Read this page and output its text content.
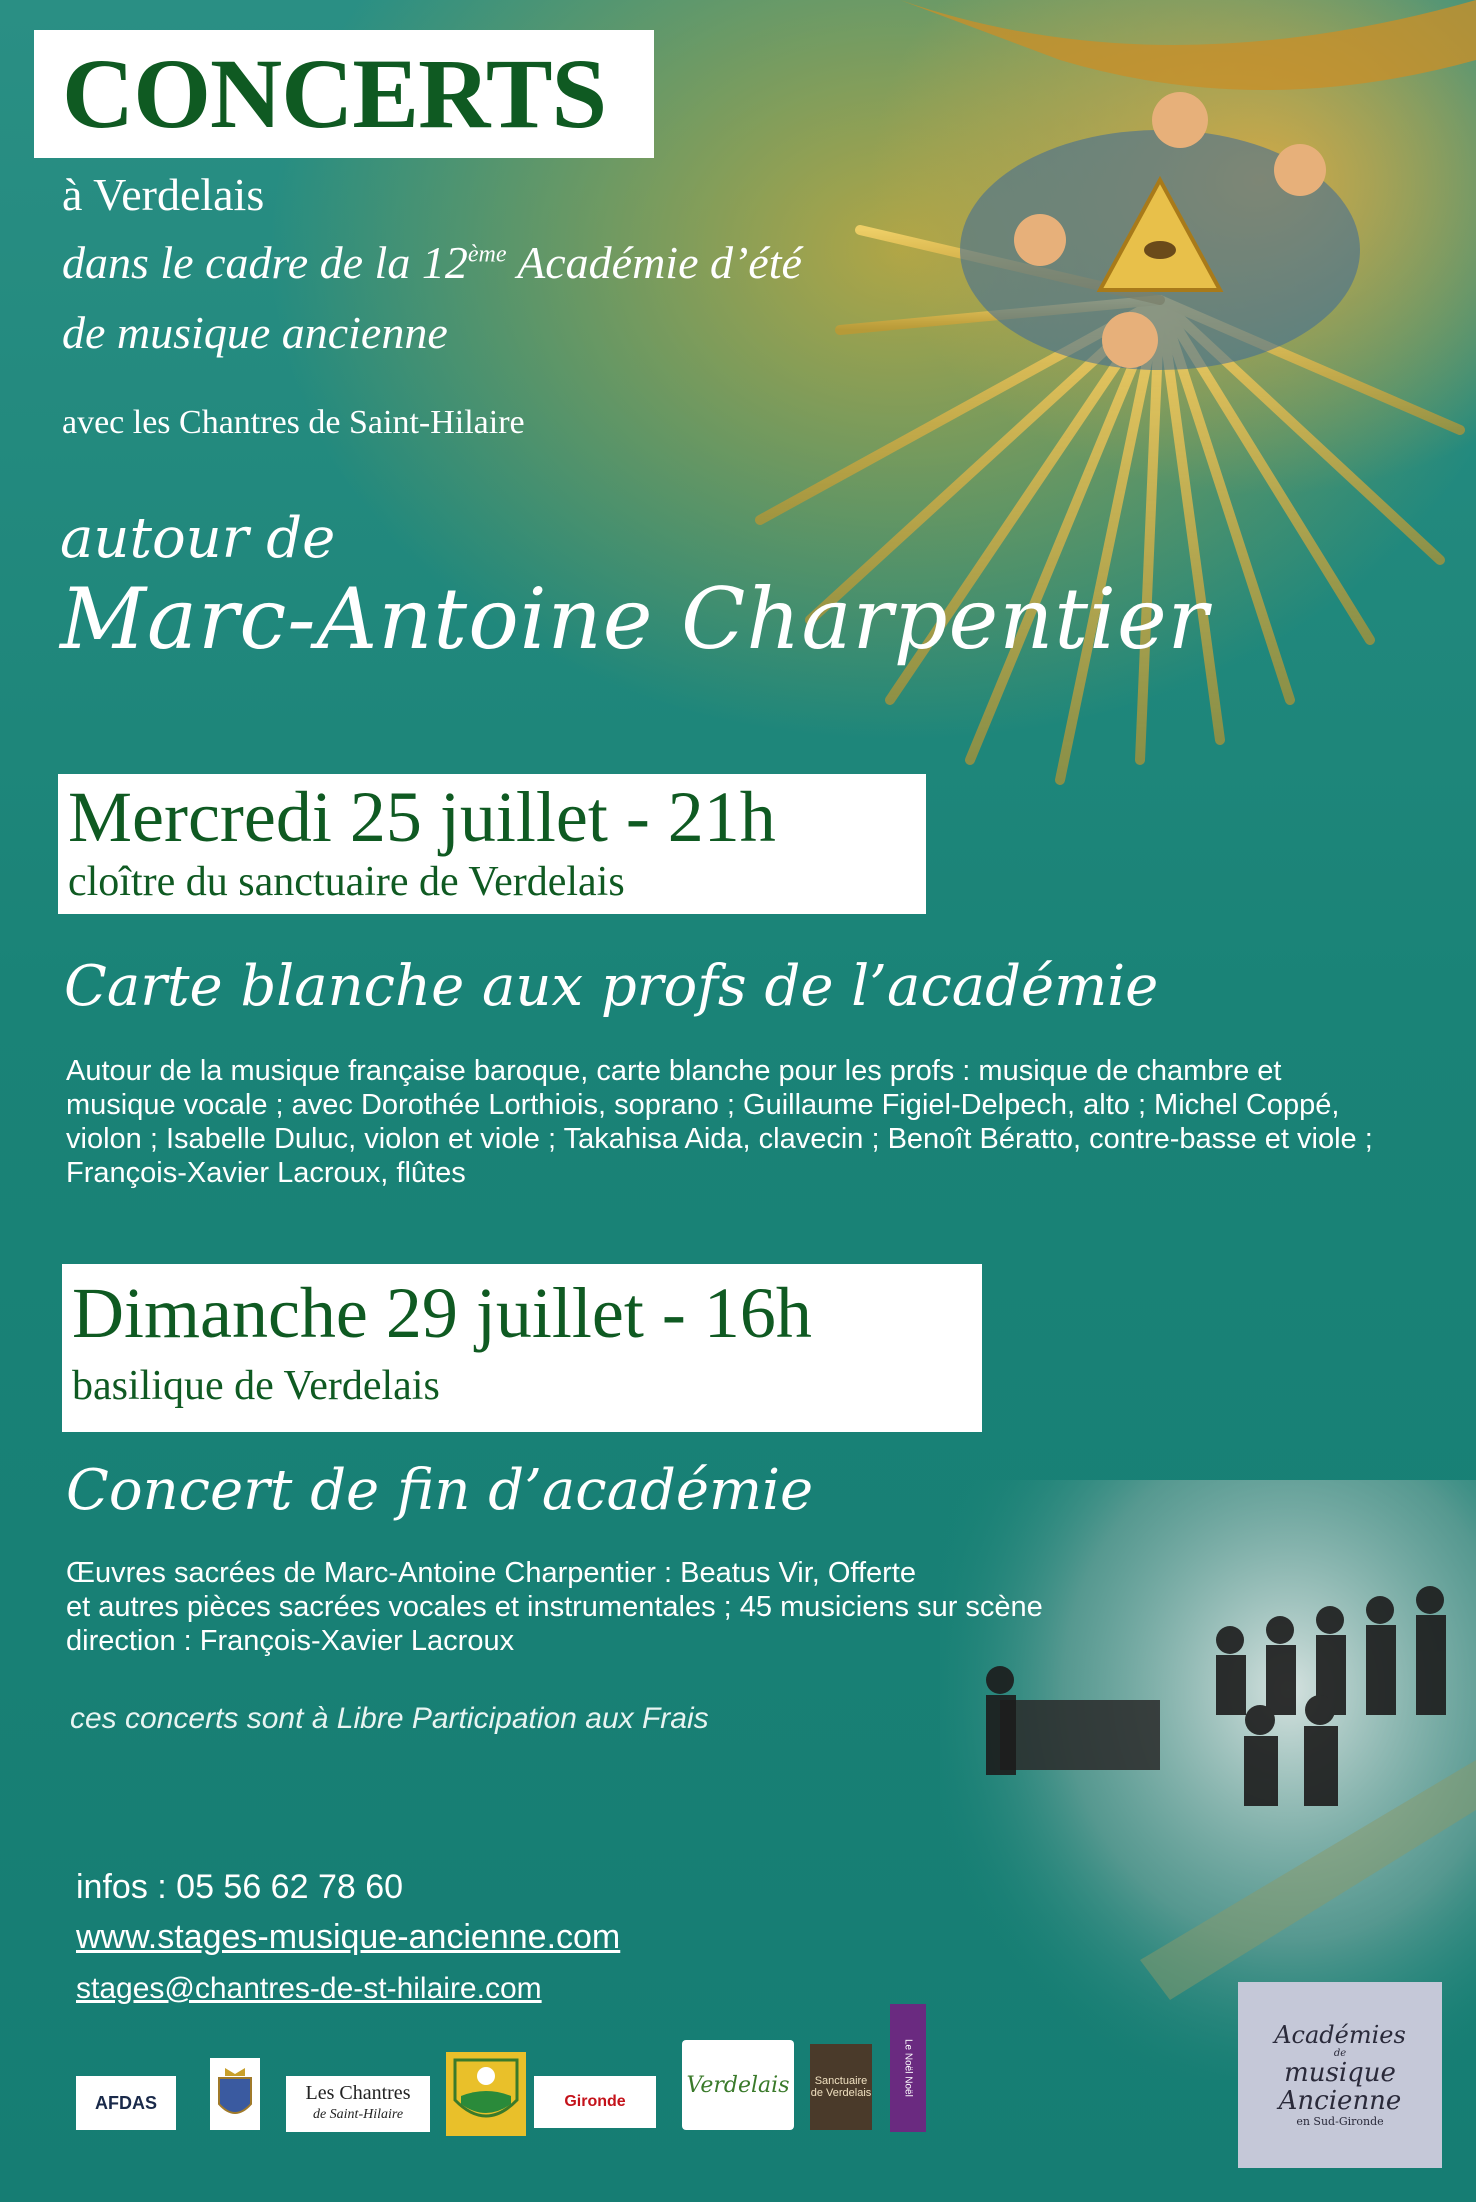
CONCERTS
à Verdelais
dans le cadre de la 12ème Académie d’été
de musique ancienne
avec les Chantres de Saint-Hilaire
autour de
Marc-Antoine Charpentier
Mercredi 25 juillet - 21h
cloître du sanctuaire de Verdelais
Carte blanche aux profs de l’académie
Autour de la musique française baroque, carte blanche pour les profs : musique de chambre et musique vocale ; avec Dorothée Lorthiois, soprano ; Guillaume Figiel-Delpech, alto ; Michel Coppé, violon ; Isabelle Duluc, violon et viole ; Takahisa Aida, clavecin ; Benoît Bératto, contre-basse et viole ; François-Xavier Lacroux, flûtes
Dimanche 29 juillet - 16h
basilique de Verdelais
Concert de fin d’académie
Œuvres sacrées de Marc-Antoine Charpentier : Beatus Vir, Offerte
et autres pièces sacrées vocales et instrumentales ; 45 musiciens sur scène
direction : François-Xavier Lacroux
ces concerts sont à Libre Participation aux Frais
infos : 05 56 62 78 60
www.stages-musique-ancienne.com
stages@chantres-de-st-hilaire.com
AFDAS	Les Chantres
de Saint-Hilaire
Gironde
Verdelais	Sanctuaire de Verdelais	Le Noël Noël
Académies
de
musique Ancienne
en Sud-Gironde
